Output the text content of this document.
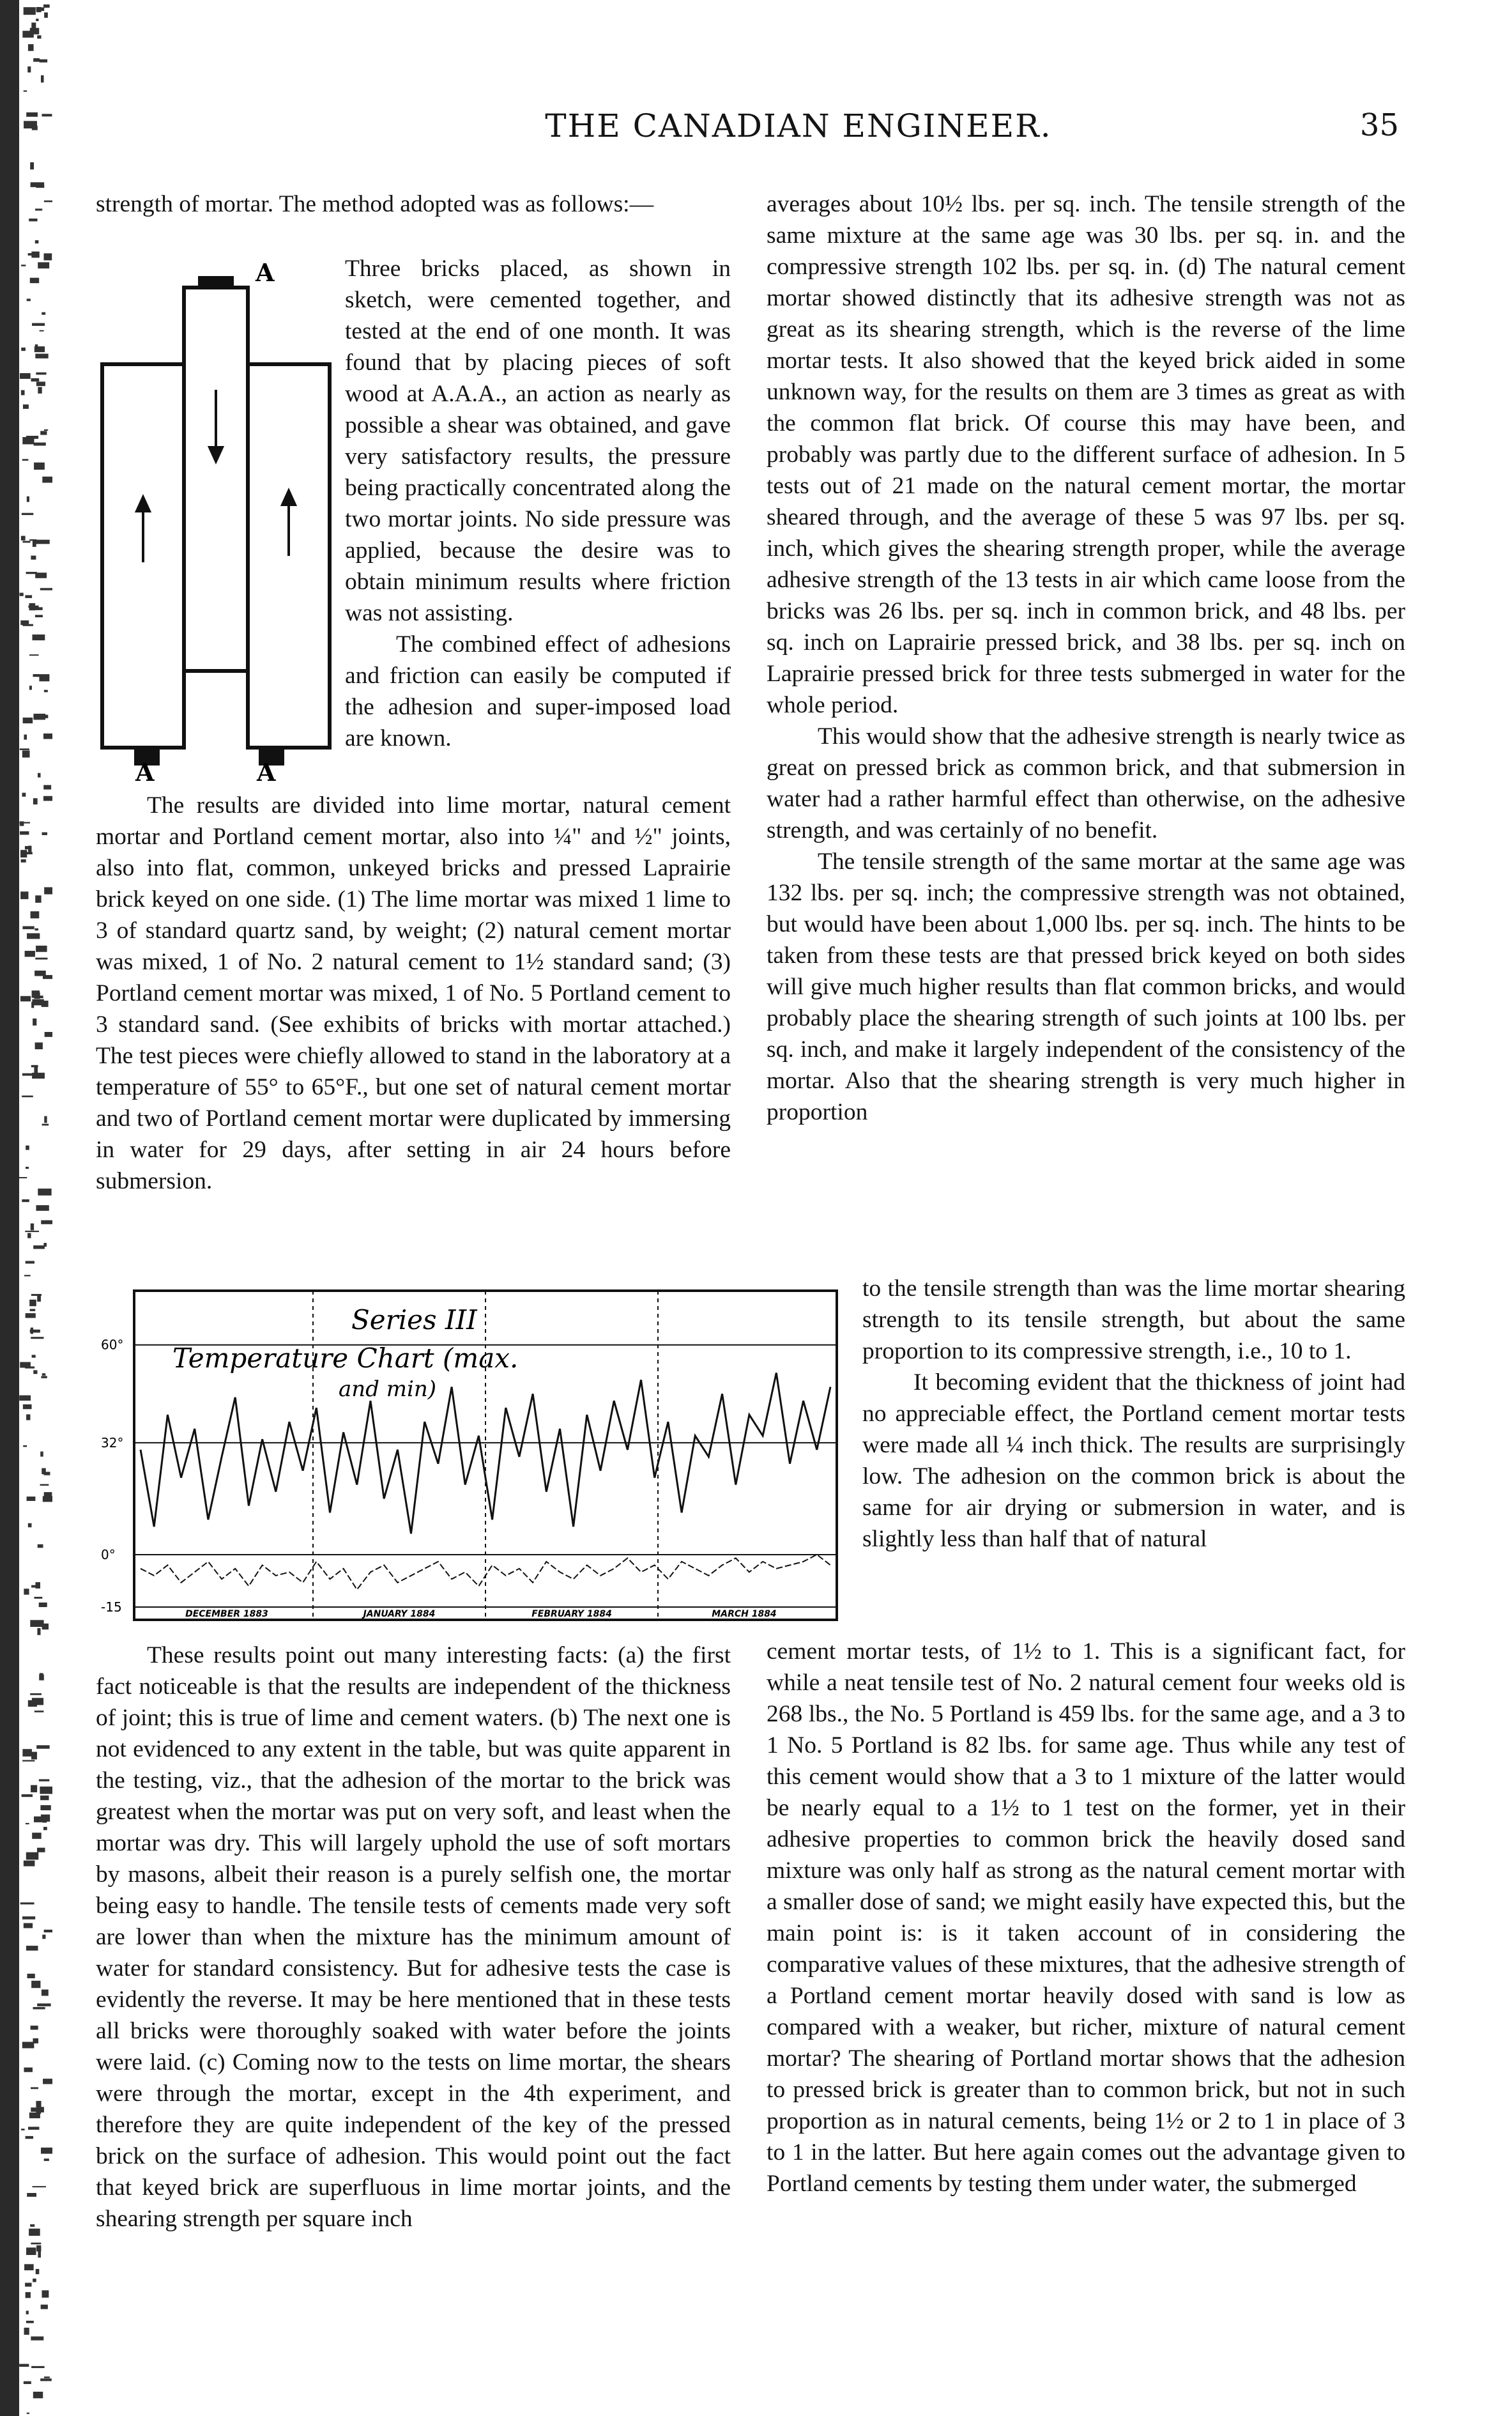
THE CANADIAN ENGINEER.	35

strength of mortar. The method adopted was as follows:—

A
A	A

Three bricks placed, as shown in sketch, were cemented together, and tested at the end of one month. It was found that by placing pieces of soft wood at A.A.A., an action as nearly as possible a shear was obtained, and gave very satisfactory results, the pressure being practically concentrated along the two mortar joints. No side pressure was applied, because the desire was to obtain minimum results where friction was not assisting.

The combined effect of adhesions and friction can easily be computed if the adhesion and super-imposed load are known.

The results are divided into lime mortar, natural cement mortar and Portland cement mortar, also into ¼" and ½" joints, also into flat, common, unkeyed bricks and pressed Laprairie brick keyed on one side. (1) The lime mortar was mixed 1 lime to 3 of standard quartz sand, by weight; (2) natural cement mortar was mixed, 1 of No. 2 natural cement to 1½ standard sand; (3) Portland cement mortar was mixed, 1 of No. 5 Portland cement to 3 standard sand. (See exhibits of bricks with mortar attached.) The test pieces were chiefly allowed to stand in the laboratory at a temperature of 55° to 65°F., but one set of natural cement mortar and two of Portland cement mortar were duplicated by immersing in water for 29 days, after setting in air 24 hours before submersion.

60°
32°
0°
-15
Series III
Temperature Chart (max.
and min)
DECEMBER 1883	JANUARY 1884	FEBRUARY 1884	MARCH 1884

These results point out many interesting facts: (a) the first fact noticeable is that the results are independent of the thickness of joint; this is true of lime and cement waters. (b) The next one is not evidenced to any extent in the table, but was quite apparent in the testing, viz., that the adhesion of the mortar to the brick was greatest when the mortar was put on very soft, and least when the mortar was dry. This will largely uphold the use of soft mortars by masons, albeit their reason is a purely selfish one, the mortar being easy to handle. The tensile tests of cements made very soft are lower than when the mixture has the minimum amount of water for standard consistency. But for adhesive tests the case is evidently the reverse. It may be here mentioned that in these tests all bricks were thoroughly soaked with water before the joints were laid. (c) Coming now to the tests on lime mortar, the shears were through the mortar, except in the 4th experiment, and therefore they are quite independent of the key of the pressed brick on the surface of adhesion. This would point out the fact that keyed brick are superfluous in lime mortar joints, and the shearing strength per square inch

averages about 10½ lbs. per sq. inch. The tensile strength of the same mixture at the same age was 30 lbs. per sq. in. and the compressive strength 102 lbs. per sq. in. (d) The natural cement mortar showed distinctly that its adhesive strength was not as great as its shearing strength, which is the reverse of the lime mortar tests. It also showed that the keyed brick aided in some unknown way, for the results on them are 3 times as great as with the common flat brick. Of course this may have been, and probably was partly due to the different surface of adhesion. In 5 tests out of 21 made on the natural cement mortar, the mortar sheared through, and the average of these 5 was 97 lbs. per sq. inch, which gives the shearing strength proper, while the average adhesive strength of the 13 tests in air which came loose from the bricks was 26 lbs. per sq. inch in common brick, and 48 lbs. per sq. inch on Laprairie pressed brick, and 38 lbs. per sq. inch on Laprairie pressed brick for three tests submerged in water for the whole period.

This would show that the adhesive strength is nearly twice as great on pressed brick as common brick, and that submersion in water had a rather harmful effect than otherwise, on the adhesive strength, and was certainly of no benefit.

The tensile strength of the same mortar at the same age was 132 lbs. per sq. inch; the compressive strength was not obtained, but would have been about 1,000 lbs. per sq. inch. The hints to be taken from these tests are that pressed brick keyed on both sides will give much higher results than flat common bricks, and would probably place the shearing strength of such joints at 100 lbs. per sq. inch, and make it largely independent of the consistency of the mortar. Also that the shearing strength is very much higher in proportion

to the tensile strength than was the lime mortar shearing strength to its tensile strength, but about the same proportion to its compressive strength, i.e., 10 to 1.

It becoming evident that the thickness of joint had no appreciable effect, the Portland cement mortar tests were made all ¼ inch thick. The results are surprisingly low. The adhesion on the common brick is about the same for air drying or submersion in water, and is slightly less than half that of natural

cement mortar tests, of 1½ to 1. This is a significant fact, for while a neat tensile test of No. 2 natural cement four weeks old is 268 lbs., the No. 5 Portland is 459 lbs. for the same age, and a 3 to 1 No. 5 Portland is 82 lbs. for same age. Thus while any test of this cement would show that a 3 to 1 mixture of the latter would be nearly equal to a 1½ to 1 test on the former, yet in their adhesive properties to common brick the heavily dosed sand mixture was only half as strong as the natural cement mortar with a smaller dose of sand; we might easily have expected this, but the main point is: is it taken account of in considering the comparative values of these mixtures, that the adhesive strength of a Portland cement mortar heavily dosed with sand is low as compared with a weaker, but richer, mixture of natural cement mortar? The shearing of Portland mortar shows that the adhesion to pressed brick is greater than to common brick, but not in such proportion as in natural cements, being 1½ or 2 to 1 in place of 3 to 1 in the latter. But here again comes out the advantage given to Portland cements by testing them under water, the submerged
